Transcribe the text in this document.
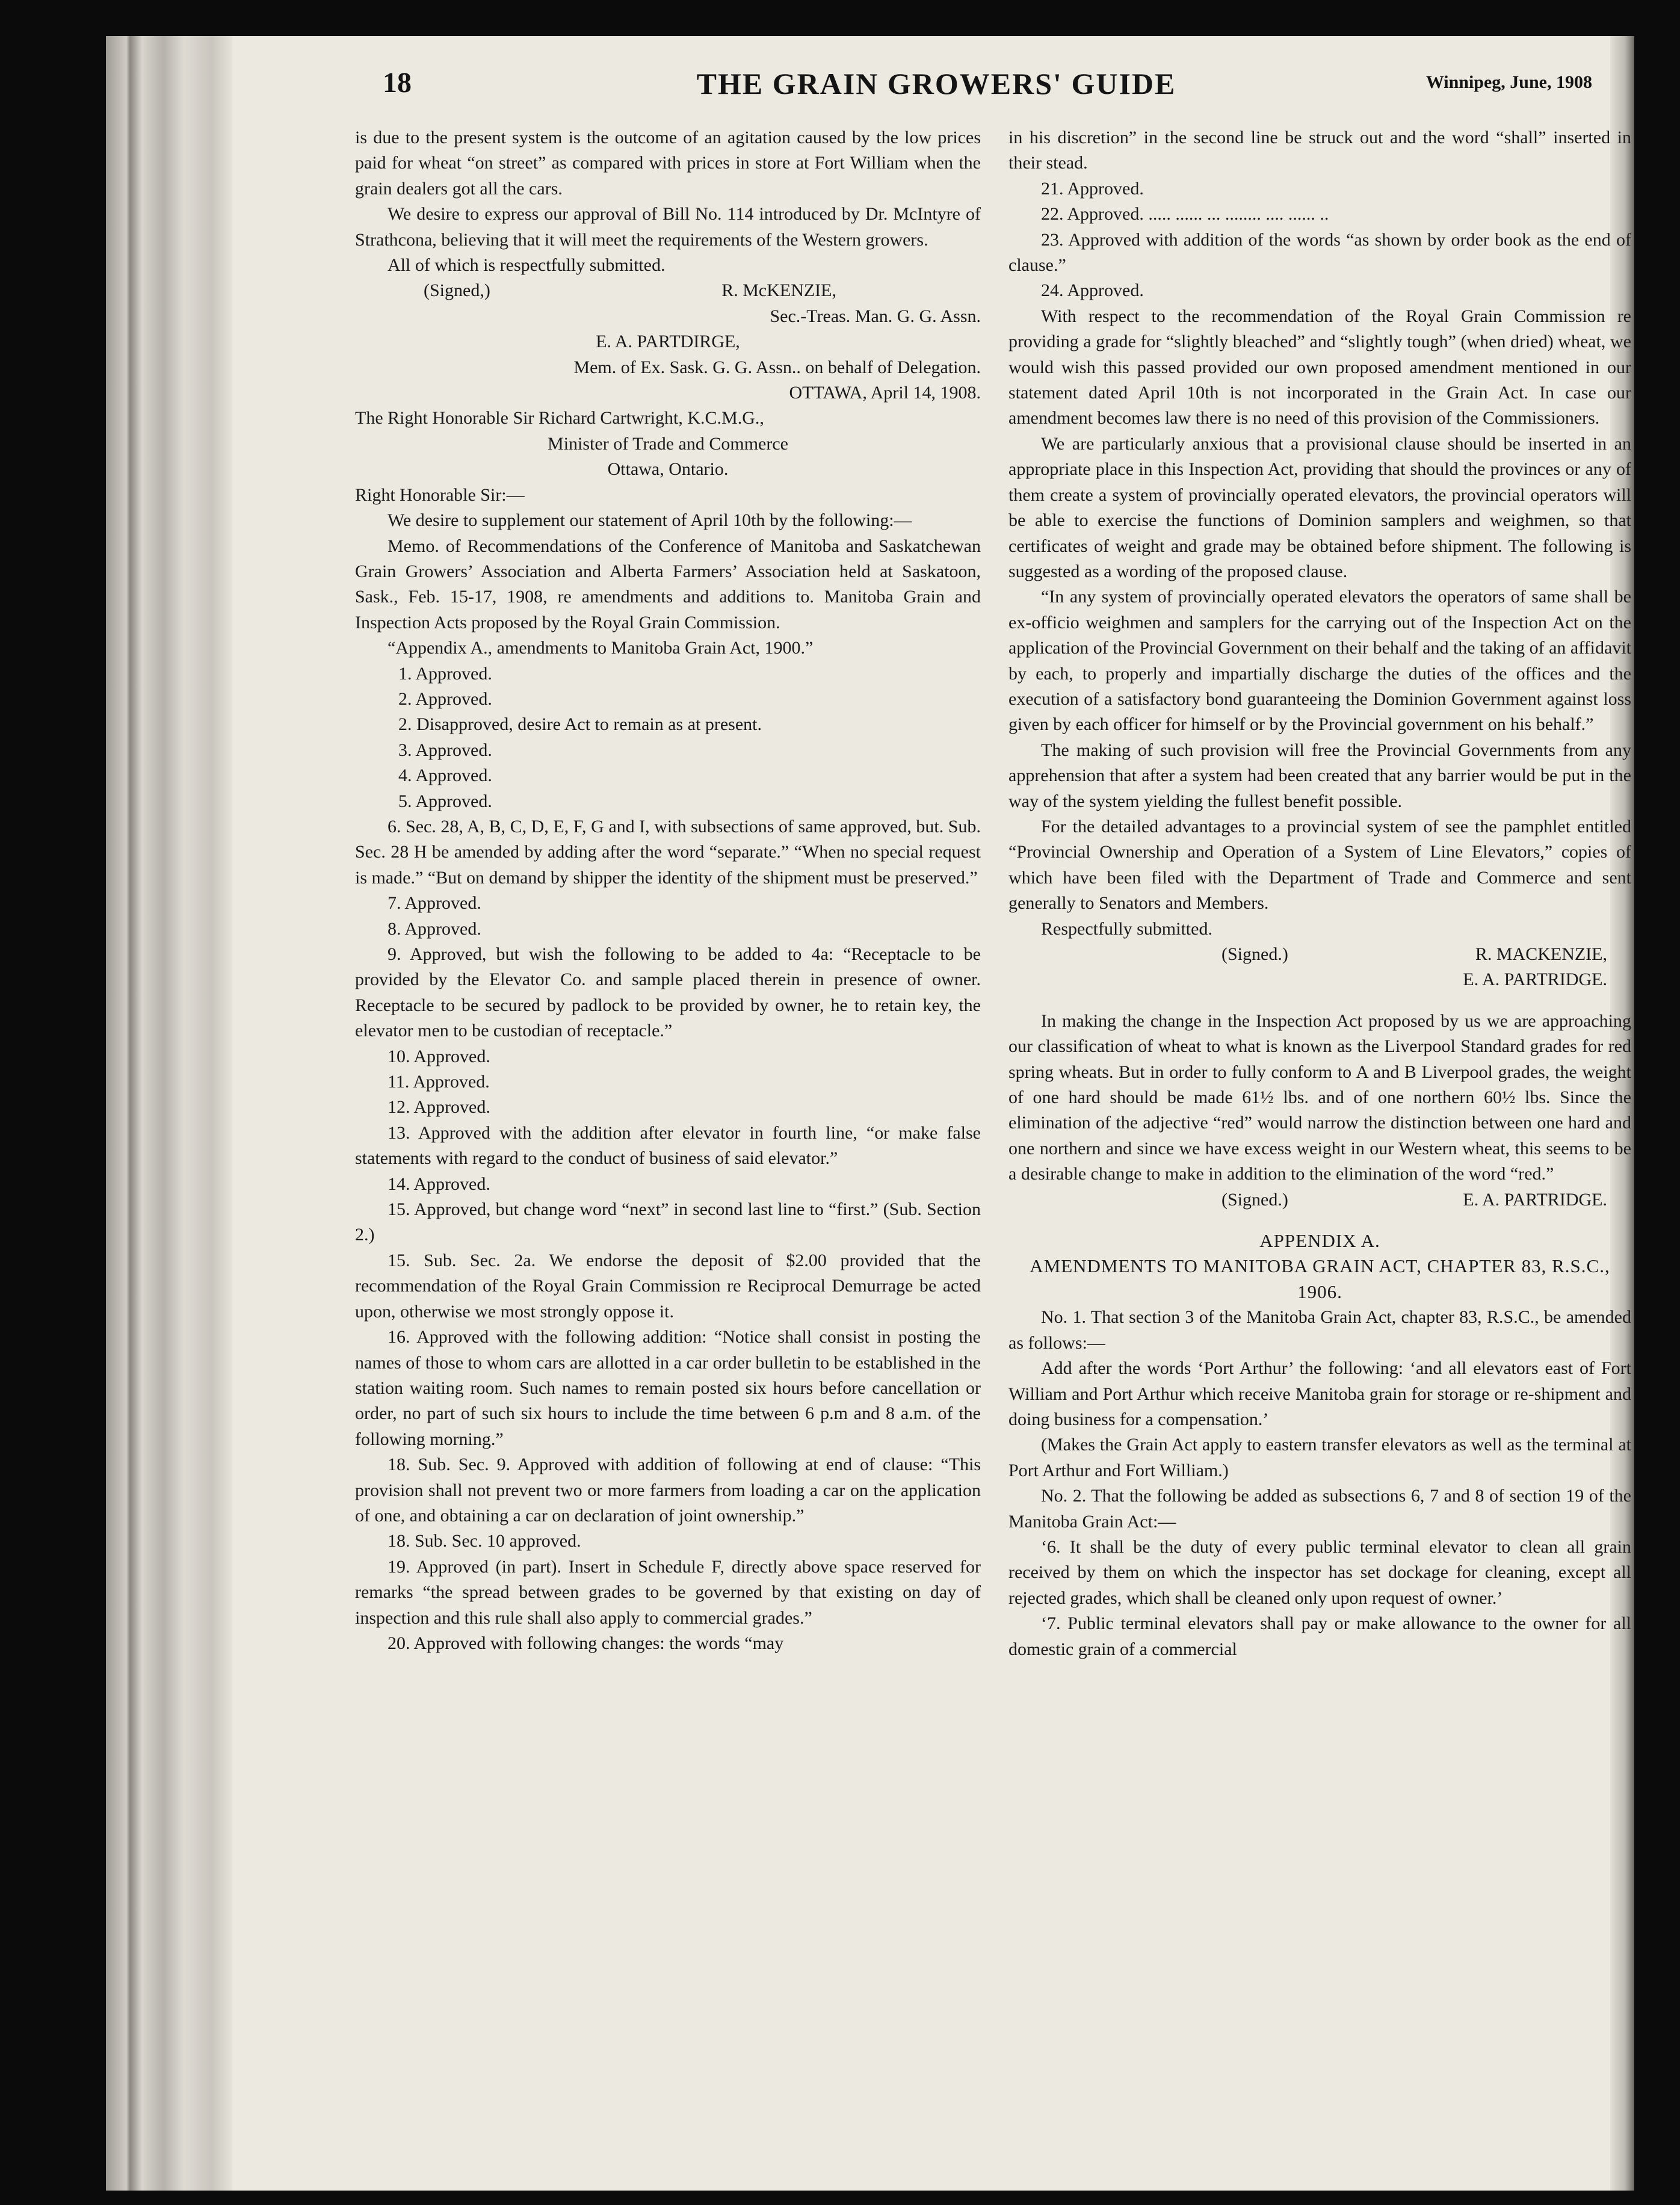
18	THE GRAIN GROWERS' GUIDE	Winnipeg, June, 1908

is due to the present system is the outcome of an agitation caused by the low prices paid for wheat “on street” as compared with prices in store at Fort William when the grain dealers got all the cars.

We desire to express our approval of Bill No. 114 introduced by Dr. McIntyre of Strathcona, believing that it will meet the requirements of the Western growers.

All of which is respectfully submitted.

(Signed,)	R. McKENZIE,

Sec.-Treas. Man. G. G. Assn.

E. A. PARTDIRGE,

Mem. of Ex. Sask. G. G. Assn.. on behalf of Delegation.

OTTAWA, April 14, 1908.

The Right Honorable Sir Richard Cartwright, K.C.M.G.,

Minister of Trade and Commerce

Ottawa, Ontario.

Right Honorable Sir:—

We desire to supplement our statement of April 10th by the following:—

Memo. of Recommendations of the Conference of Manitoba and Saskatchewan Grain Growers’ Association and Alberta Farmers’ Association held at Saskatoon, Sask., Feb. 15-17, 1908, re amendments and additions to. Manitoba Grain and Inspection Acts proposed by the Royal Grain Commission.

“Appendix A., amendments to Manitoba Grain Act, 1900.”

1. Approved.

2. Approved.

2. Disapproved, desire Act to remain as at present.

3. Approved.

4. Approved.

5. Approved.

6. Sec. 28, A, B, C, D, E, F, G and I, with subsections of same approved, but. Sub. Sec. 28 H be amended by adding after the word “separate.” “When no special request is made.” “But on demand by shipper the identity of the shipment must be preserved.”

7. Approved.

8. Approved.

9. Approved, but wish the following to be added to 4a: “Receptacle to be provided by the Elevator Co. and sample placed therein in presence of owner. Receptacle to be secured by padlock to be provided by owner, he to retain key, the elevator men to be custodian of receptacle.”

10. Approved.

11. Approved.

12. Approved.

13. Approved with the addition after elevator in fourth line, “or make false statements with regard to the conduct of business of said elevator.”

14. Approved.

15. Approved, but change word “next” in second last line to “first.” (Sub. Section 2.)

15. Sub. Sec. 2a. We endorse the deposit of $2.00 provided that the recommendation of the Royal Grain Commission re Reciprocal Demurrage be acted upon, otherwise we most strongly oppose it.

16. Approved with the following addition: “Notice shall consist in posting the names of those to whom cars are allotted in a car order bulletin to be established in the station waiting room. Such names to remain posted six hours before cancellation or order, no part of such six hours to include the time between 6 p.m and 8 a.m. of the following morning.”

18. Sub. Sec. 9. Approved with addition of following at end of clause: “This provision shall not prevent two or more farmers from loading a car on the application of one, and obtaining a car on declaration of joint ownership.”

18. Sub. Sec. 10 approved.

19. Approved (in part). Insert in Schedule F, directly above space reserved for remarks “the spread between grades to be governed by that existing on day of inspection and this rule shall also apply to commercial grades.”

20. Approved with following changes: the words “may

in his discretion” in the second line be struck out and the word “shall” inserted in their stead.

21. Approved.

22. Approved. ..... ...... ... ........ .... ...... ..

23. Approved with addition of the words “as shown by order book as the end of clause.”

24. Approved.

With respect to the recommendation of the Royal Grain Commission re providing a grade for “slightly bleached” and “slightly tough” (when dried) wheat, we would wish this passed provided our own proposed amendment mentioned in our statement dated April 10th is not incorporated in the Grain Act. In case our amendment becomes law there is no need of this provision of the Commissioners.

We are particularly anxious that a provisional clause should be inserted in an appropriate place in this Inspection Act, providing that should the provinces or any of them create a system of provincially operated elevators, the provincial operators will be able to exercise the functions of Dominion samplers and weighmen, so that certificates of weight and grade may be obtained before shipment. The following is suggested as a wording of the proposed clause.

“In any system of provincially operated elevators the operators of same shall be ex-officio weighmen and samplers for the carrying out of the Inspection Act on the application of the Provincial Government on their behalf and the taking of an affidavit by each, to properly and impartially discharge the duties of the offices and the execution of a satisfactory bond guaranteeing the Dominion Government against loss given by each officer for himself or by the Provincial government on his behalf.”

The making of such provision will free the Provincial Governments from any apprehension that after a system had been created that any barrier would be put in the way of the system yielding the fullest benefit possible.

For the detailed advantages to a provincial system of see the pamphlet entitled “Provincial Ownership and Operation of a System of Line Elevators,” copies of which have been filed with the Department of Trade and Commerce and sent generally to Senators and Members.

Respectfully submitted.

(Signed.)	R. MACKENZIE,

E. A. PARTRIDGE.

In making the change in the Inspection Act proposed by us we are approaching our classification of wheat to what is known as the Liverpool Standard grades for red spring wheats. But in order to fully conform to A and B Liverpool grades, the weight of one hard should be made 61½ lbs. and of one northern 60½ lbs. Since the elimination of the adjective “red” would narrow the distinction between one hard and one northern and since we have excess weight in our Western wheat, this seems to be a desirable change to make in addition to the elimination of the word “red.”

(Signed.)	E. A. PARTRIDGE.

APPENDIX A.

AMENDMENTS TO MANITOBA GRAIN ACT, CHAPTER 83, R.S.C., 1906.

No. 1. That section 3 of the Manitoba Grain Act, chapter 83, R.S.C., be amended as follows:—

Add after the words ‘Port Arthur’ the following: ‘and all elevators east of Fort William and Port Arthur which receive Manitoba grain for storage or re-shipment and doing business for a compensation.’

(Makes the Grain Act apply to eastern transfer elevators as well as the terminal at Port Arthur and Fort William.)

No. 2. That the following be added as subsections 6, 7 and 8 of section 19 of the Manitoba Grain Act:—

‘6. It shall be the duty of every public terminal elevator to clean all grain received by them on which the inspector has set dockage for cleaning, except all rejected grades, which shall be cleaned only upon request of owner.’

‘7. Public terminal elevators shall pay or make allowance to the owner for all domestic grain of a commercial
